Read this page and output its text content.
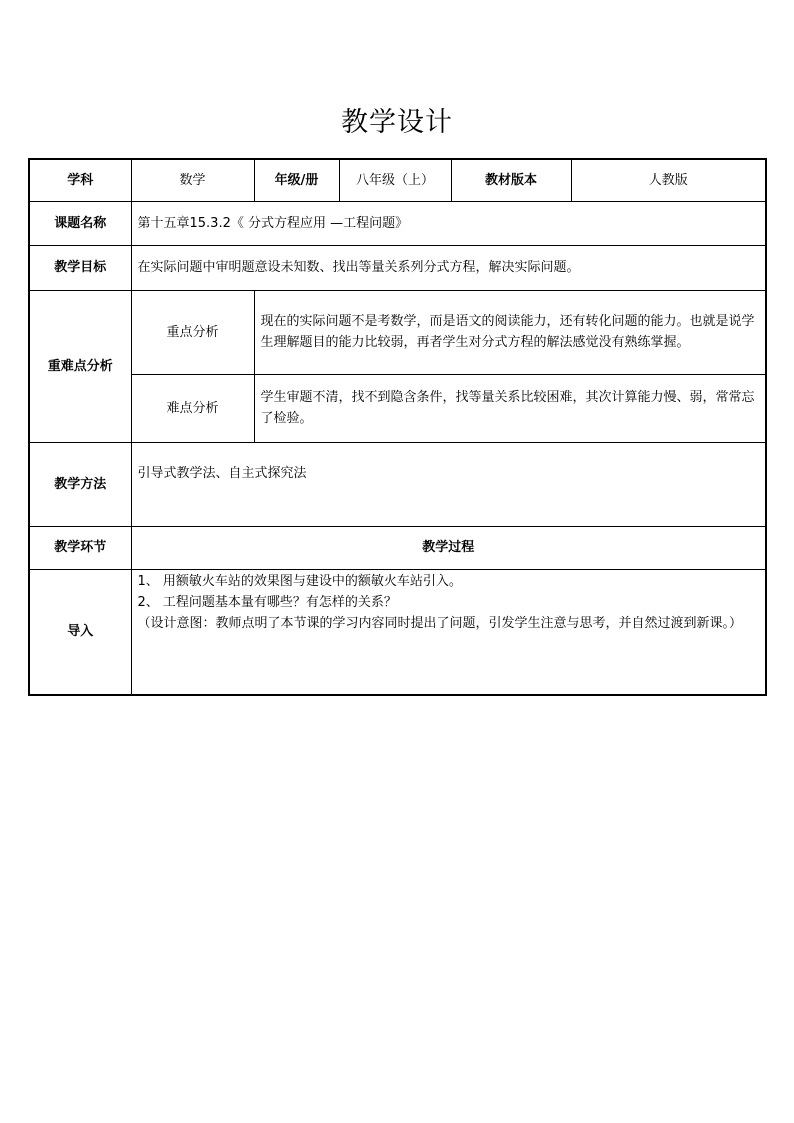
教学设计
学科	数学	年级/册	八年级（上）	教材版本	人教版
课题名称	第十五章15.3.2《 分式方程应用 —工程问题》				
教学目标	在实际问题中审明题意设未知数、找出等量关系列分式方程，解决实际问题。				
重难点分析	重点分析	现在的实际问题不是考数学，而是语文的阅读能力，还有转化问题的能力。也就是说学生理解题目的能力比较弱，再者学生对分式方程的解法感觉没有熟练掌握。			
	难点分析	学生审题不清，找不到隐含条件，找等量关系比较困难，其次计算能力慢、弱，常常忘了检验。			
教学方法	引导式教学法、自主式探究法				
教学环节	教学过程				
导入	1、 用额敏火车站的效果图与建设中的额敏火车站引入。
2、 工程问题基本量有哪些？有怎样的关系？
（设计意图：教师点明了本节课的学习内容同时提出了问题，引发学生注意与思考，并自然过渡到新课。）				
